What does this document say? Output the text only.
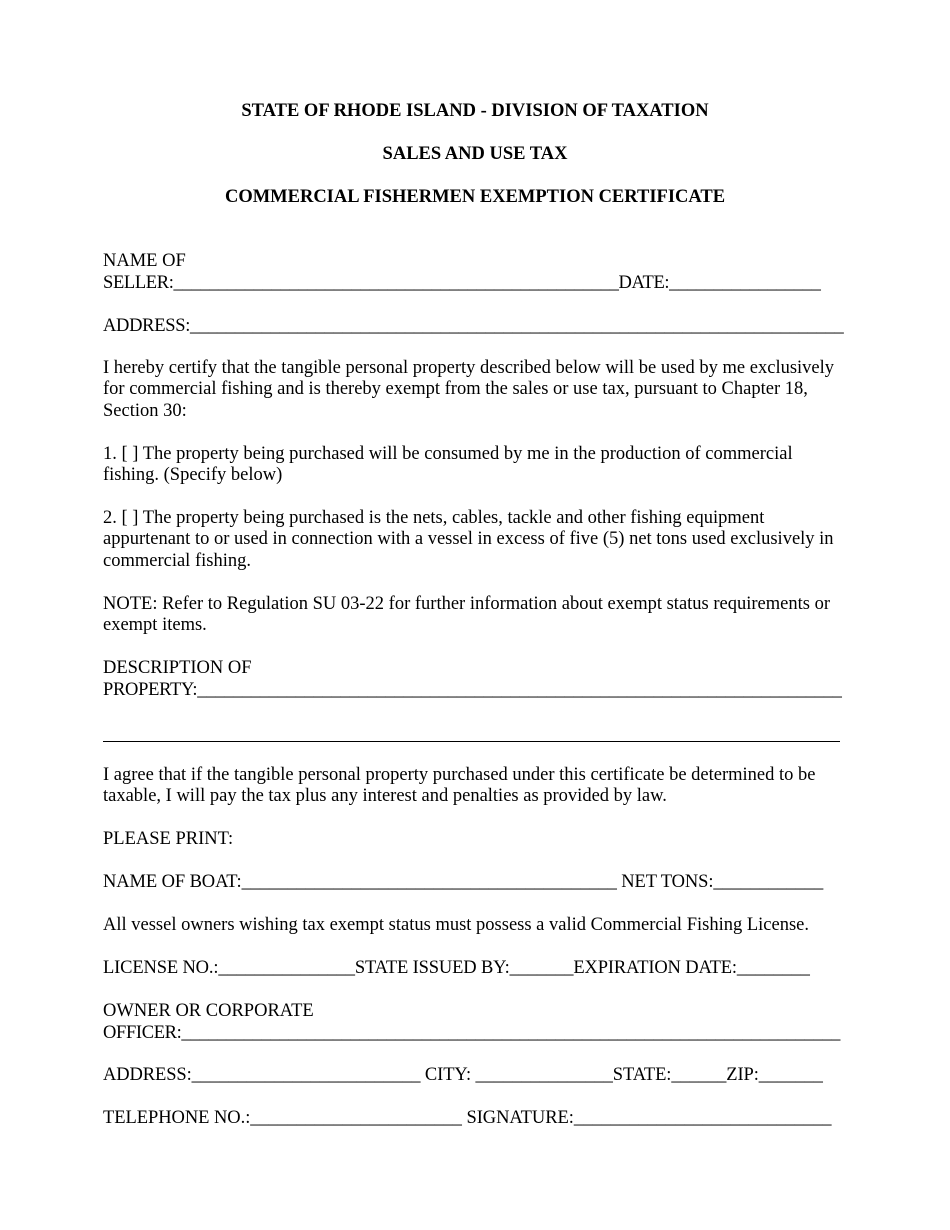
STATE OF RHODE ISLAND - DIVISION OF TAXATION
SALES AND USE TAX
COMMERCIAL FISHERMEN EXEMPTION CERTIFICATE
NAME OF
SELLER:__________________________________________________DATE:_________________
ADDRESS:_________________________________________________________________________
I hereby certify that the tangible personal property described below will be used by me exclusively for commercial fishing and is thereby exempt from the sales or use tax, pursuant to Chapter 18, Section 30:
1. [ ] The property being purchased will be consumed by me in the production of commercial fishing. (Specify below)
2. [ ] The property being purchased is the nets, cables, tackle and other fishing equipment appurtenant to or used in connection with a vessel in excess of five (5) net tons used exclusively in commercial fishing.
NOTE: Refer to Regulation SU 03-22 for further information about exempt status requirements or exempt items.
DESCRIPTION OF
PROPERTY:________________________________________________________________________
I agree that if the tangible personal property purchased under this certificate be determined to be taxable, I will pay the tax plus any interest and penalties as provided by law.
PLEASE PRINT:
NAME OF BOAT:_________________________________________ NET TONS:____________
All vessel owners wishing tax exempt status must possess a valid Commercial Fishing License.
LICENSE NO.:_______________STATE ISSUED BY:_______EXPIRATION DATE:________
OWNER OR CORPORATE
OFFICER:__________________________________________________________________________
ADDRESS:_________________________ CITY: _______________STATE:______ZIP:_______
TELEPHONE NO.:_______________________ SIGNATURE:____________________________
